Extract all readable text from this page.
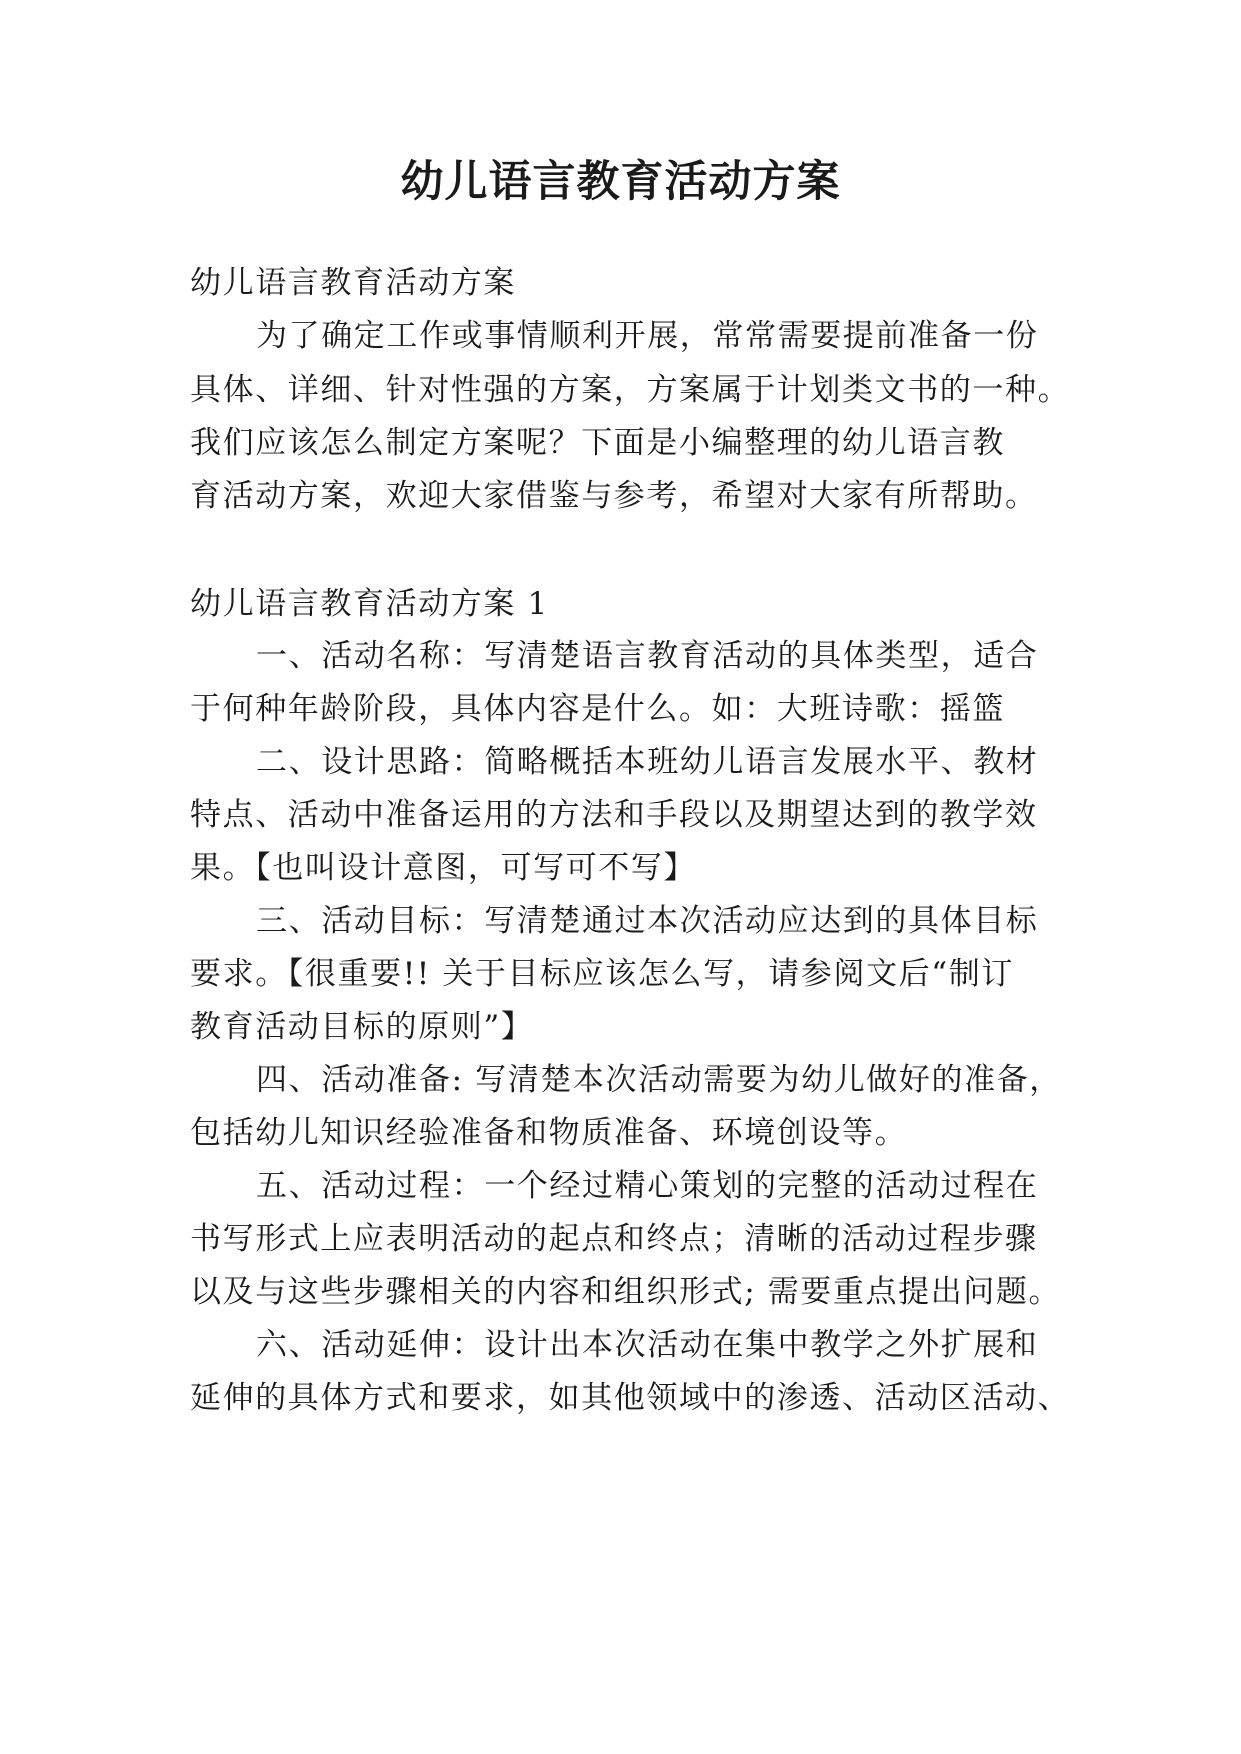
幼儿语言教育活动方案
幼儿语言教育活动方案
为了确定工作或事情顺利开展，常常需要提前准备一份
具体、详细、针对性强的方案，方案属于计划类文书的一种。
我们应该怎么制定方案呢？下面是小编整理的幼儿语言教
育活动方案，欢迎大家借鉴与参考，希望对大家有所帮助。
幼儿语言教育活动方案 1
一、活动名称：写清楚语言教育活动的具体类型，适合
于何种年龄阶段，具体内容是什么。如：大班诗歌：摇篮
二、设计思路：简略概括本班幼儿语言发展水平、教材
特点、活动中准备运用的方法和手段以及期望达到的教学效
果。【也叫设计意图，可写可不写】
三、活动目标：写清楚通过本次活动应达到的具体目标
要求。【很重要!! 关于目标应该怎么写，请参阅文后“制订
教育活动目标的原则”】
四、活动准备: 写清楚本次活动需要为幼儿做好的准备，
包括幼儿知识经验准备和物质准备、环境创设等。
五、活动过程：一个经过精心策划的完整的活动过程在
书写形式上应表明活动的起点和终点；清晰的活动过程步骤
以及与这些步骤相关的内容和组织形式; 需要重点提出问题。
六、活动延伸：设计出本次活动在集中教学之外扩展和
延伸的具体方式和要求，如其他领域中的渗透、活动区活动、
